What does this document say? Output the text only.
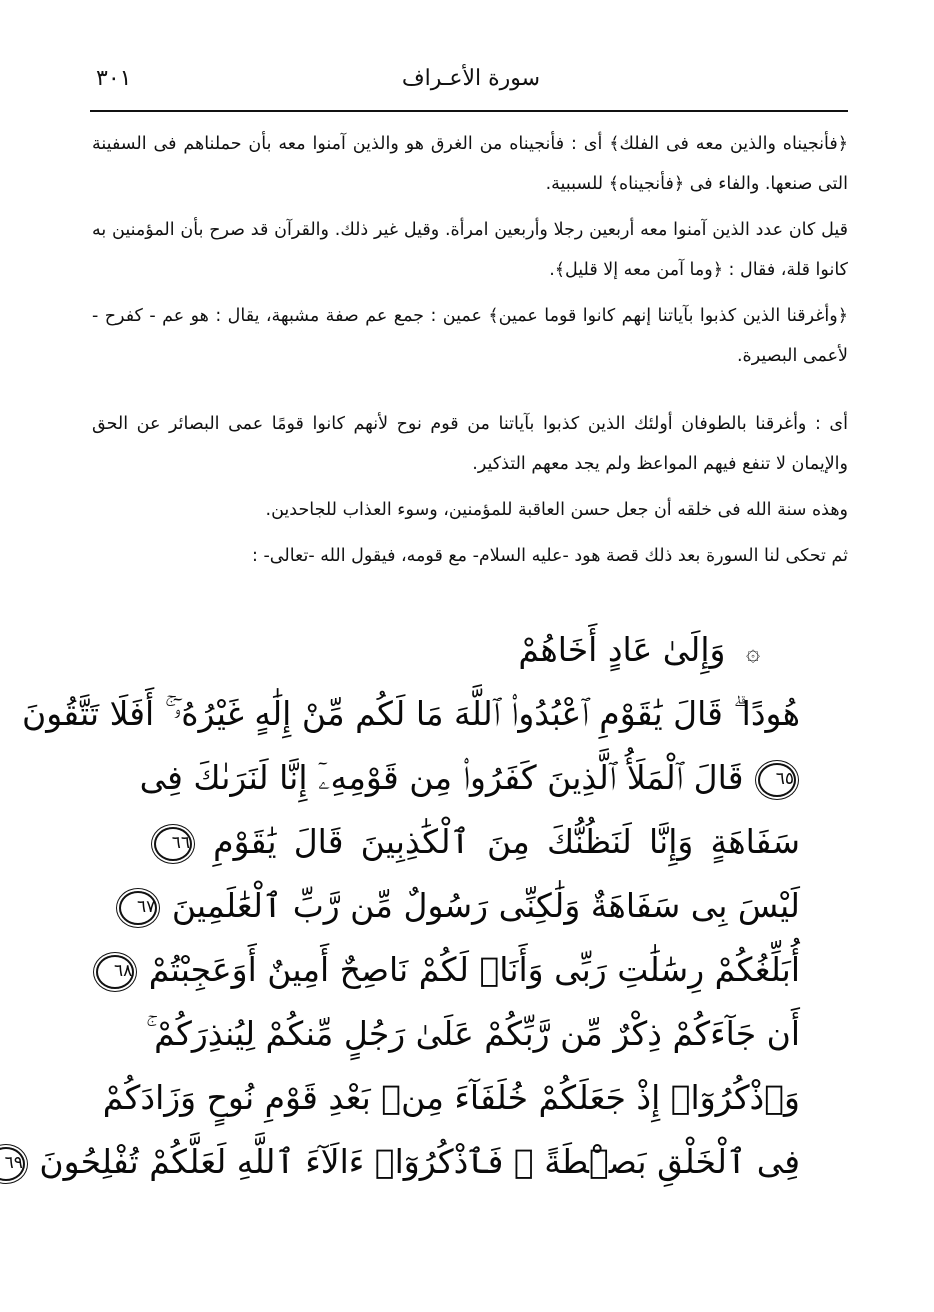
٣٠١	سورة الأعـراف

﴿فأنجيناه والذين معه فى الفلك﴾ أى : فأنجيناه من الغرق هو والذين آمنوا معه بأن حملناهم فى السفينة التى صنعها. والفاء فى ﴿فأنجيناه﴾ للسببية.

قيل كان عدد الذين آمنوا معه أربعين رجلا وأربعين امرأة. وقيل غير ذلك. والقرآن قد صرح بأن المؤمنين به كانوا قلة، فقال : ﴿وما آمن معه إلا قليل﴾.

﴿وأغرقنا الذين كذبوا بآياتنا إنهم كانوا قوما عمين﴾ عمين : جمع عم صفة مشبهة، يقال : هو عم - كفرح - لأعمى البصيرة.

أى : وأغرقنا بالطوفان أولئك الذين كذبوا بآياتنا من قوم نوح لأنهم كانوا قومًا عمى البصائر عن الحق والإيمان لا تنفع فيهم المواعظ ولم يجد معهم التذكير.

وهذه سنة الله فى خلقه أن جعل حسن العاقبة للمؤمنين، وسوء العذاب للجاحدين.

ثم تحكى لنا السورة بعد ذلك قصة هود -عليه السلام- مع قومه، فيقول الله -تعالى- :

۞ وَإِلَىٰ عَادٍ أَخَاهُمْ
هُودًا ۗ قَالَ يَٰقَوْمِ ٱعْبُدُوا۟ ٱللَّهَ مَا لَكُم مِّنْ إِلَٰهٍ غَيْرُهُۥٓ ۚ أَفَلَا تَتَّقُونَ
٦٥ قَالَ ٱلْمَلَأُ ٱلَّذِينَ كَفَرُوا۟ مِن قَوْمِهِۦٓ إِنَّا لَنَرَىٰكَ فِى
سَفَاهَةٍ وَإِنَّا لَنَظُنُّكَ مِنَ ٱلْكَٰذِبِينَ قَالَ يَٰقَوْمِ ٦٦
لَيْسَ بِى سَفَاهَةٌ وَلَٰكِنِّى رَسُولٌ مِّن رَّبِّ ٱلْعَٰلَمِينَ ٦٧
أُبَلِّغُكُمْ رِسَٰلَٰتِ رَبِّى وَأَنَا۠ لَكُمْ نَاصِحٌ أَمِينٌ أَوَعَجِبْتُمْ ٦٨
أَن جَآءَكُمْ ذِكْرٌ مِّن رَّبِّكُمْ عَلَىٰ رَجُلٍ مِّنكُمْ لِيُنذِرَكُمْ ۚ
وَٱذْكُرُوٓا۟ إِذْ جَعَلَكُمْ خُلَفَآءَ مِنۢ بَعْدِ قَوْمِ نُوحٍ وَزَادَكُمْ
فِى ٱلْخَلْقِ بَصْۜطَةً ۖ فَٱذْكُرُوٓا۟ ءَالَآءَ ٱللَّهِ لَعَلَّكُمْ تُفْلِحُونَ ٦٩
